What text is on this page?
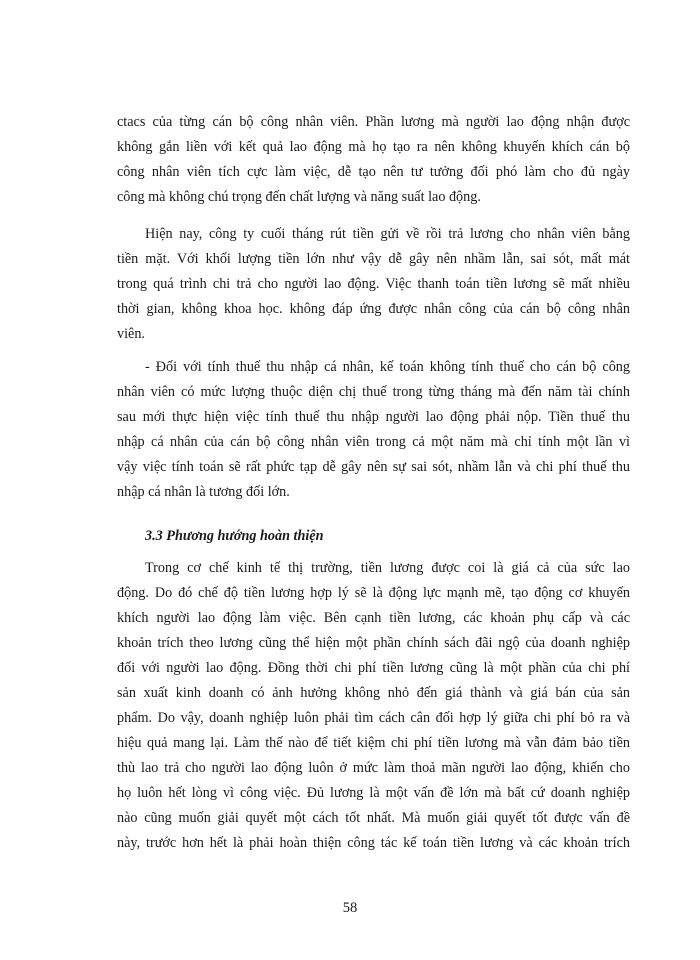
ctacs của từng cán bộ công nhân viên. Phần lương mà người lao động nhận được
không gắn liền với kết quả lao động mà họ tạo ra nên không khuyến khích cán bộ
công nhân viên tích cực làm việc, dễ tạo nên tư tưởng đối phó làm cho đủ ngày
công mà không chú trọng đến chất lượng và năng suất lao động.
Hiện nay, công ty cuối tháng rút tiền gửi về rồi trả lương cho nhân viên bằng
tiền mặt. Với khối lượng tiền lớn như vậy dễ gây nên nhầm lẫn, sai sót, mất mát
trong quá trình chi trả cho người lao động. Việc thanh toán tiền lương sẽ mất nhiều
thời gian, không khoa học. không đáp ứng được nhân công của cán bộ công nhân
viên.
- Đối với tính thuế thu nhập cá nhân, kế toán không tính thuế cho cán bộ công
nhân viên có mức lượng thuộc diện chị thuế trong từng tháng mà đến năm tài chính
sau mới thực hiện việc tính thuế thu nhập người lao động phải nộp. Tiền thuế thu
nhập cá nhân của cán bộ công nhân viên trong cả một năm mà chỉ tính một lần vì
vậy việc tính toán sẽ rất phức tạp dễ gây nên sự sai sót, nhầm lẫn và chi phí thuế thu
nhập cá nhân là tương đối lớn.
3.3 Phương hướng hoàn thiện
Trong cơ chế kinh tế thị trường, tiền lương được coi là giá cả của sức lao
động. Do đó chế độ tiền lương hợp lý sẽ là động lực mạnh mẽ, tạo động cơ khuyến
khích người lao động làm việc. Bên cạnh tiền lương, các khoản phụ cấp và các
khoản trích theo lương cũng thể hiện một phần chính sách đãi ngộ của doanh nghiệp
đối với người lao động. Đồng thời chi phí tiền lương cũng là một phần của chi phí
sản xuất kinh doanh có ảnh hưởng không nhỏ đến giá thành và giá bán của sản
phẩm. Do vậy, doanh nghiệp luôn phải tìm cách cân đối hợp lý giữa chi phí bỏ ra và
hiệu quả mang lại. Làm thế nào để tiết kiệm chi phí tiền lương mà vẫn đảm bảo tiền
thù lao trả cho người lao động luôn ở mức làm thoả mãn người lao động, khiến cho
họ luôn hết lòng vì công việc. Đủ lương là một vấn đề lớn mà bất cứ doanh nghiệp
nào cũng muốn giải quyết một cách tốt nhất. Mà muốn giải quyết tốt được vấn đề
này, trước hơn hết là phải hoàn thiện công tác kế toán tiền lương và các khoản trích
58
